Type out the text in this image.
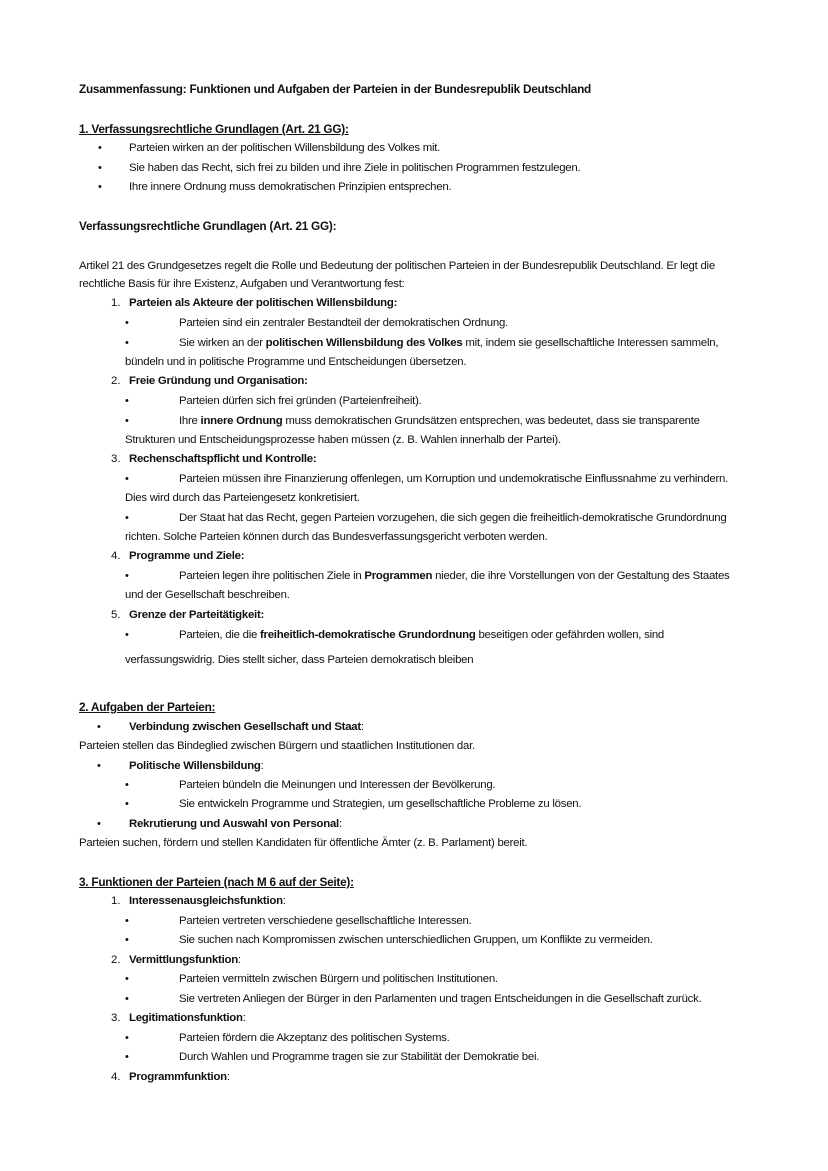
Zusammenfassung: Funktionen und Aufgaben der Parteien in der Bundesrepublik Deutschland
1. Verfassungsrechtliche Grundlagen (Art. 21 GG):
• Parteien wirken an der politischen Willensbildung des Volkes mit.
• Sie haben das Recht, sich frei zu bilden und ihre Ziele in politischen Programmen festzulegen.
• Ihre innere Ordnung muss demokratischen Prinzipien entsprechen.
Verfassungsrechtliche Grundlagen (Art. 21 GG):
Artikel 21 des Grundgesetzes regelt die Rolle und Bedeutung der politischen Parteien in der Bundesrepublik Deutschland. Er legt die
rechtliche Basis für ihre Existenz, Aufgaben und Verantwortung fest:
1. Parteien als Akteure der politischen Willensbildung:
•	Parteien sind ein zentraler Bestandteil der demokratischen Ordnung.
•	Sie wirken an der politischen Willensbildung des Volkes mit, indem sie gesellschaftliche Interessen sammeln,
bündeln und in politische Programme und Entscheidungen übersetzen.
2. Freie Gründung und Organisation:
•	Parteien dürfen sich frei gründen (Parteienfreiheit).
•	Ihre innere Ordnung muss demokratischen Grundsätzen entsprechen, was bedeutet, dass sie transparente
Strukturen und Entscheidungsprozesse haben müssen (z. B. Wahlen innerhalb der Partei).
3. Rechenschaftspflicht und Kontrolle:
•	Parteien müssen ihre Finanzierung offenlegen, um Korruption und undemokratische Einflussnahme zu verhindern.
Dies wird durch das Parteiengesetz konkretisiert.
•	Der Staat hat das Recht, gegen Parteien vorzugehen, die sich gegen die freiheitlich-demokratische Grundordnung
richten. Solche Parteien können durch das Bundesverfassungsgericht verboten werden.
4. Programme und Ziele:
•	Parteien legen ihre politischen Ziele in Programmen nieder, die ihre Vorstellungen von der Gestaltung des Staates
und der Gesellschaft beschreiben.
5. Grenze der Parteitätigkeit:
•	Parteien, die die freiheitlich-demokratische Grundordnung beseitigen oder gefährden wollen, sind
verfassungswidrig. Dies stellt sicher, dass Parteien demokratisch bleiben
2. Aufgaben der Parteien:
• Verbindung zwischen Gesellschaft und Staat:
Parteien stellen das Bindeglied zwischen Bürgern und staatlichen Institutionen dar.
• Politische Willensbildung:
•	Parteien bündeln die Meinungen und Interessen der Bevölkerung.
•	Sie entwickeln Programme und Strategien, um gesellschaftliche Probleme zu lösen.
• Rekrutierung und Auswahl von Personal:
Parteien suchen, fördern und stellen Kandidaten für öffentliche Ämter (z. B. Parlament) bereit.
3. Funktionen der Parteien (nach M 6 auf der Seite):
1. Interessenausgleichsfunktion:
•	Parteien vertreten verschiedene gesellschaftliche Interessen.
•	Sie suchen nach Kompromissen zwischen unterschiedlichen Gruppen, um Konflikte zu vermeiden.
2. Vermittlungsfunktion:
•	Parteien vermitteln zwischen Bürgern und politischen Institutionen.
•	Sie vertreten Anliegen der Bürger in den Parlamenten und tragen Entscheidungen in die Gesellschaft zurück.
3. Legitimationsfunktion:
•	Parteien fördern die Akzeptanz des politischen Systems.
•	Durch Wahlen und Programme tragen sie zur Stabilität der Demokratie bei.
4. Programmfunktion:
